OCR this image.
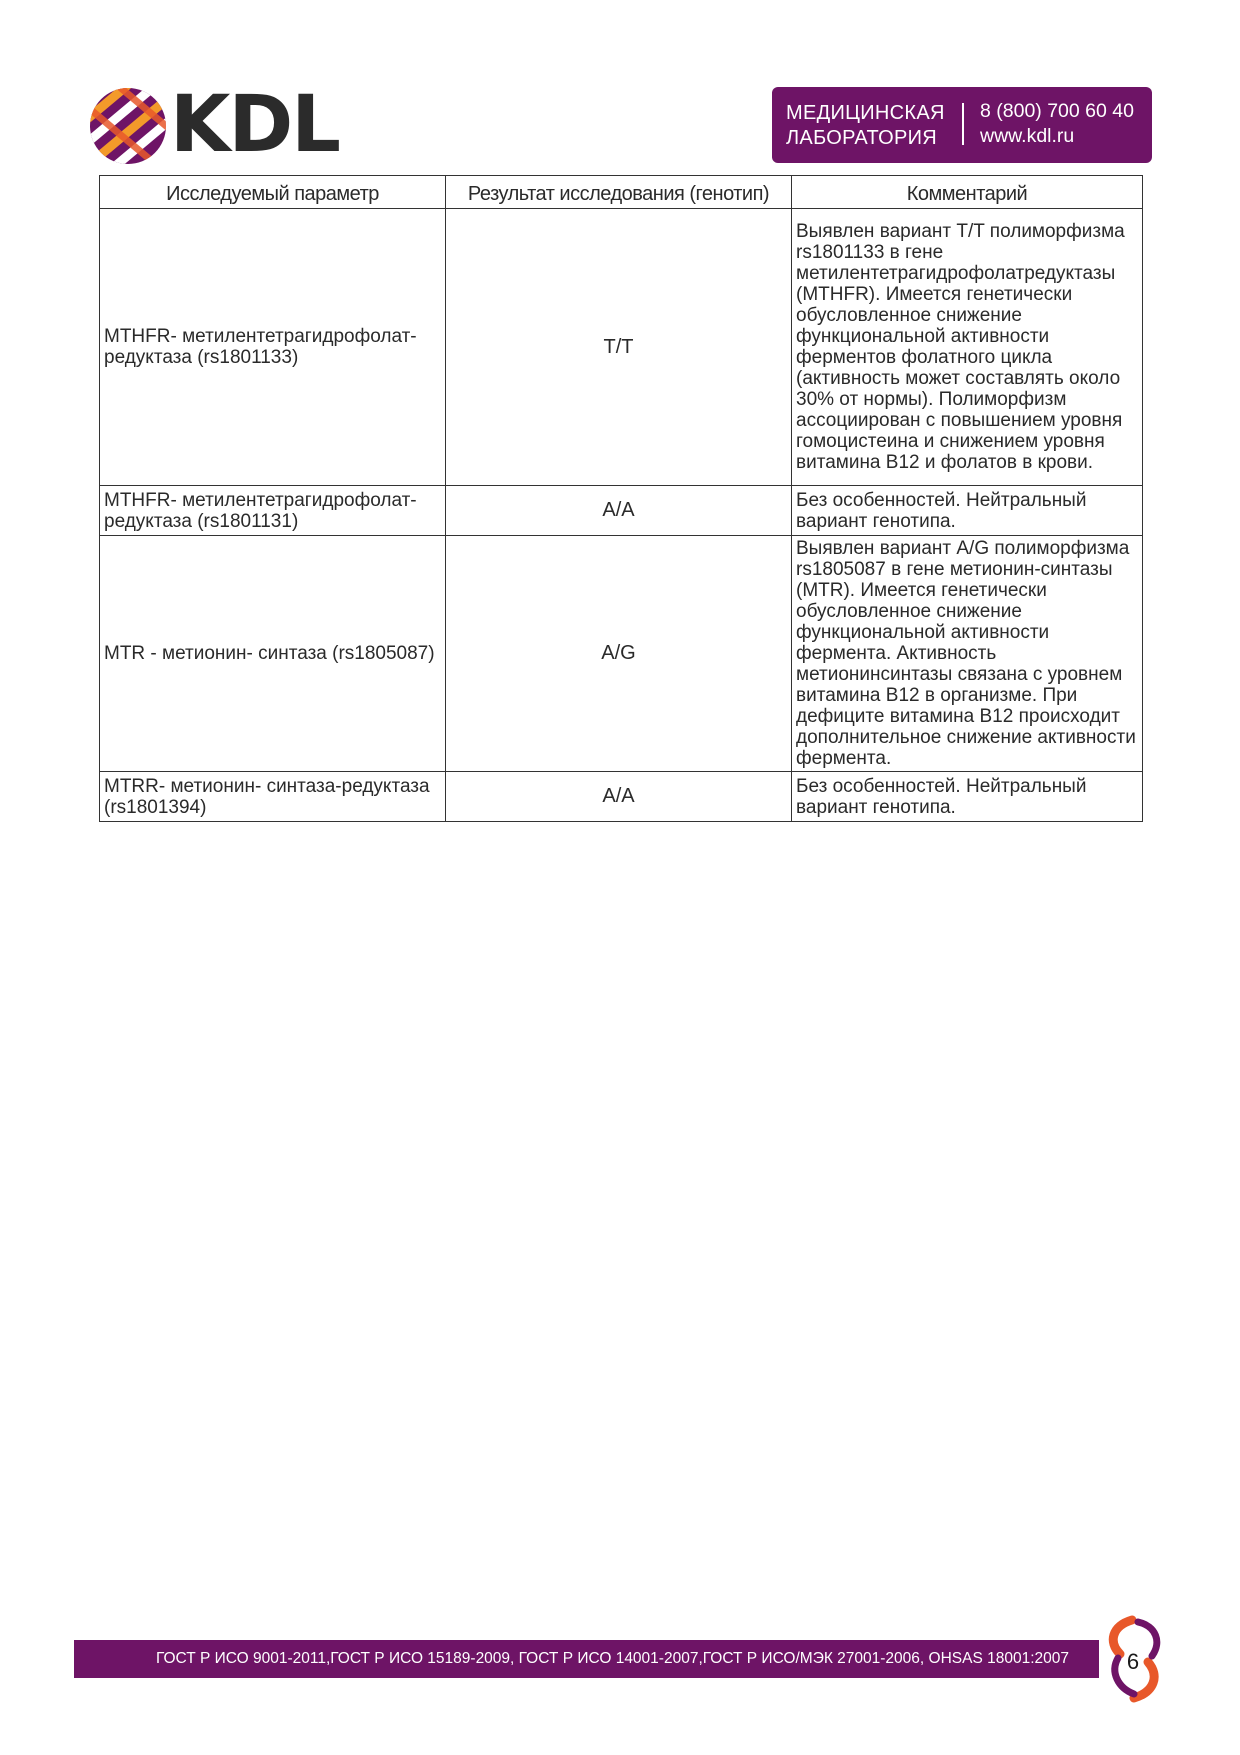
KDL	МЕДИЦИНСКАЯ
ЛАБОРАТОРИЯ
8 (800) 700 60 40
www.kdl.ru
Исследуемый параметр	Результат исследования (генотип)	Комментарий
MTHFR- метилентетрагидрофолат-редуктаза (rs1801133)	T/T	Выявлен вариант T/T полиморфизма rs1801133 в гене метилентетрагидрофолатредуктазы (MTHFR). Имеется генетически обусловленное снижение функциональной активности ферментов фолатного цикла (активность может составлять около 30% от нормы). Полиморфизм ассоциирован с повышением уровня гомоцистеина и снижением уровня витамина B12 и фолатов в крови.
MTHFR- метилентетрагидрофолат-редуктаза (rs1801131)	A/A	Без особенностей. Нейтральный вариант генотипа.
MTR - метионин- синтаза (rs1805087)	A/G	Выявлен вариант A/G полиморфизма rs1805087 в гене метионин-синтазы (MTR). Имеется генетически обусловленное снижение функциональной активности фермента. Активность метионинсинтазы связана с уровнем витамина B12 в организме. При дефиците витамина B12 происходит дополнительное снижение активности фермента.
MTRR- метионин- синтаза-редуктаза (rs1801394)	A/A	Без особенностей. Нейтральный вариант генотипа.
ГОСТ Р ИСО 9001-2011,ГОСТ Р ИСО 15189-2009, ГОСТ Р ИСО 14001-2007,ГОСТ Р ИСО/МЭК 27001-2006, OHSAS 18001:2007	6
